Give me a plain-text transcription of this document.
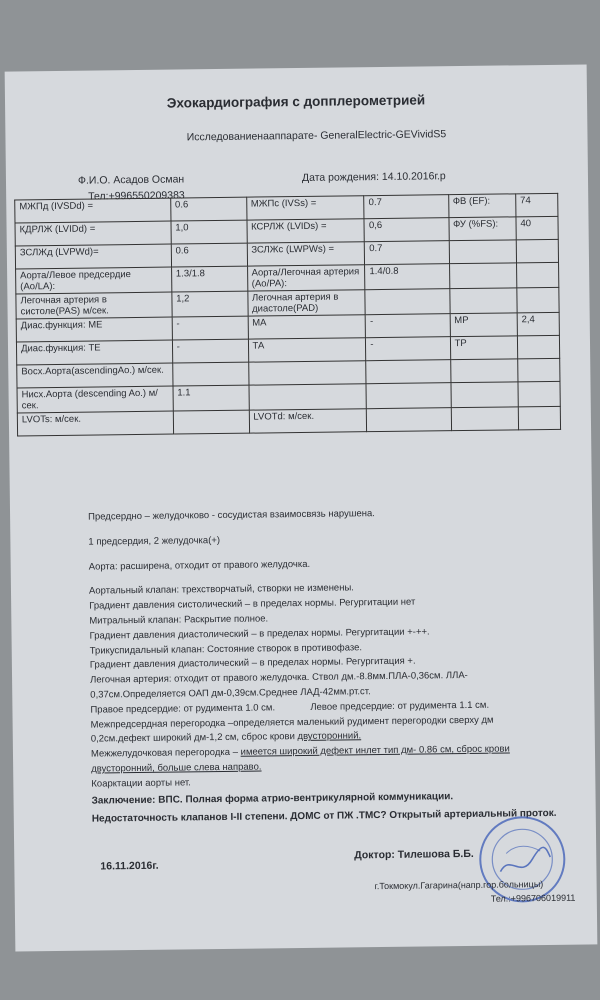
Эхокардиография с допплерометрией
Исследованиенааппарате- GeneralElectric-GEVividS5
Ф.И.О. Асадов Осман
Тел:+996550209383
Дата рождения: 14.10.2016г.р
МЖПд (IVSDd) =	0.6	МЖПс (IVSs) =	0.7	ФВ (EF):	74
КДРЛЖ (LVIDd) =	1,0	КСРЛЖ (LVIDs) =	0,6	ФУ (%FS):	40
ЗСЛЖд (LVPWd)=	0.6	ЗСЛЖс (LWPWs) =	0.7		
Аорта/Левое предсердие (Ao/LA):	1.3/1.8	Аорта/Легочная артерия (Ao/PA):	1.4/0.8		
Легочная артерия в систоле(PAS) м/сек.	1,2	Легочная артерия в диастоле(PAD)			
Диас.функция: МЕ	-	МА	-	МР	2,4
Диас.функция: ТЕ	-	ТА	-	ТР	
Восх.Аорта(ascendingAo.) м/сек.					
Нисх.Аорта (descending Ao.) м/сек.	1.1				
LVOTs: м/сек.		LVOTd: м/сек.			
Предсердно – желудочково - сосудистая взаимосвязь нарушена.
1 предсердия, 2 желудочка(+)
Аорта: расширена, отходит от правого желудочка.
Аортальный клапан: трехстворчатый, створки не изменены.
Градиент давления систолический – в пределах нормы. Регургитации нет
Митральный клапан: Раскрытие полное.
Градиент давления диастолический – в пределах нормы. Регургитации +-++.
Трикуспидальный клапан: Состояние створок в противофазе.
Градиент давления диастолический – в пределах нормы. Регургитация +.
Легочная артерия: отходит от правого желудочка. Ствол дм.-8.8мм.ПЛА-0,36см. ЛЛА-
0,37см.Определяется ОАП дм-0,39см.Среднее ЛАД-42мм.рт.ст.
Правое предсердие: от рудимента 1.0 см.	Левое предсердие: от рудимента 1.1 см.
Межпредсердная перегородка –определяется маленький рудимент перегородки сверху дм
0,2см.дефект широкий дм-1,2 см, сброс крови двусторонний.
Межжелудочковая перегородка – имеется широкий дефект инлет тип дм- 0.86 см, сброс крови
двусторонний, больше слева направо.
Коарктации аорты нет.
Заключение: ВПС. Полная форма атрио-вентрикулярной коммуникации.
Недостаточность клапанов I-II степени. ДОМС от ПЖ .ТМС? Открытый артериальный проток.
16.11.2016г.
Доктор: Тилешова Б.Б.
г.Токмокул.Гагарина(напр.гор.больницы)
Тел.:+996706019911
